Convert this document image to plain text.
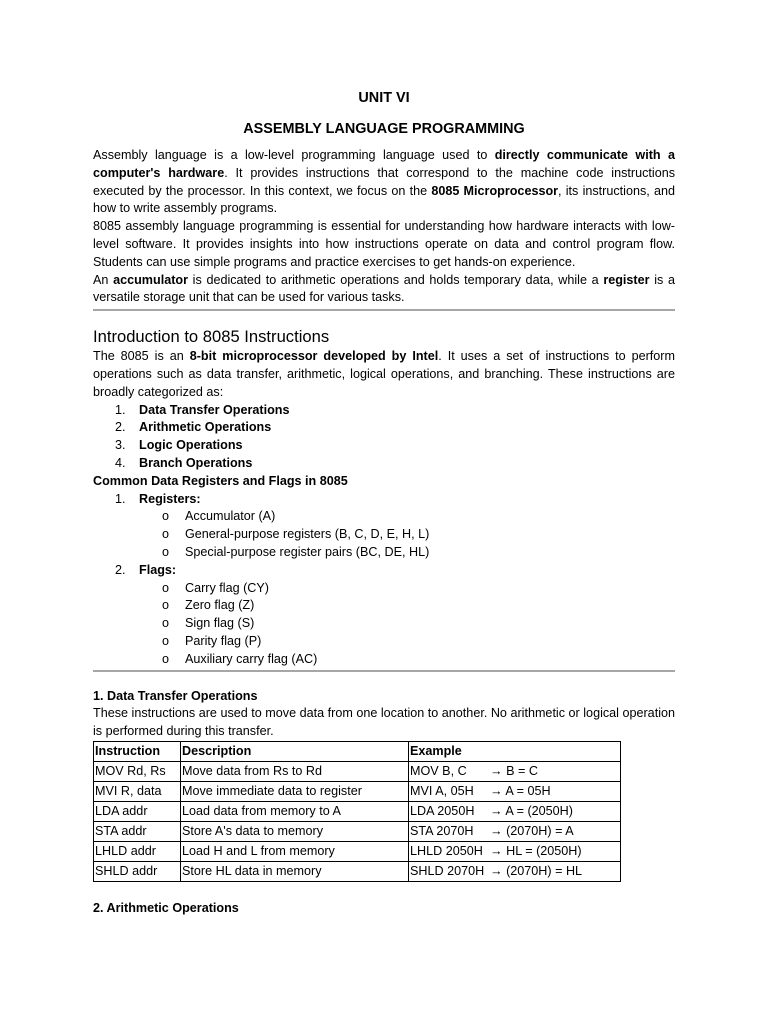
UNIT VI
ASSEMBLY LANGUAGE PROGRAMMING

Assembly language is a low-level programming language used to directly communicate with a computer's hardware. It provides instructions that correspond to the machine code instructions executed by the processor. In this context, we focus on the 8085 Microprocessor, its instructions, and how to write assembly programs.

8085 assembly language programming is essential for understanding how hardware interacts with low-level software. It provides insights into how instructions operate on data and control program flow. Students can use simple programs and practice exercises to get hands-on experience.

An accumulator is dedicated to arithmetic operations and holds temporary data, while a register is a versatile storage unit that can be used for various tasks.

Introduction to 8085 Instructions

The 8085 is an 8-bit microprocessor developed by Intel. It uses a set of instructions to perform operations such as data transfer, arithmetic, logical operations, and branching. These instructions are broadly categorized as:

1. Data Transfer Operations
2. Arithmetic Operations
3. Logic Operations
4. Branch Operations
Common Data Registers and Flags in 8085
1. Registers:
o Accumulator (A)
o General-purpose registers (B, C, D, E, H, L)
o Special-purpose register pairs (BC, DE, HL)
2. Flags:
o Carry flag (CY)
o Zero flag (Z)
o Sign flag (S)
o Parity flag (P)
o Auxiliary carry flag (AC)
1. Data Transfer Operations

These instructions are used to move data from one location to another. No arithmetic or logical operation is performed during this transfer.

Instruction	Description	Example
MOV Rd, Rs	Move data from Rs to Rd	MOV B, C → B = C
MVI R, data	Move immediate data to register	MVI A, 05H → A = 05H
LDA addr	Load data from memory to A	LDA 2050H → A = (2050H)
STA addr	Store A's data to memory	STA 2070H → (2070H) = A
LHLD addr	Load H and L from memory	LHLD 2050H → HL = (2050H)
SHLD addr	Store HL data in memory	SHLD 2070H → (2070H) = HL
2. Arithmetic Operations
